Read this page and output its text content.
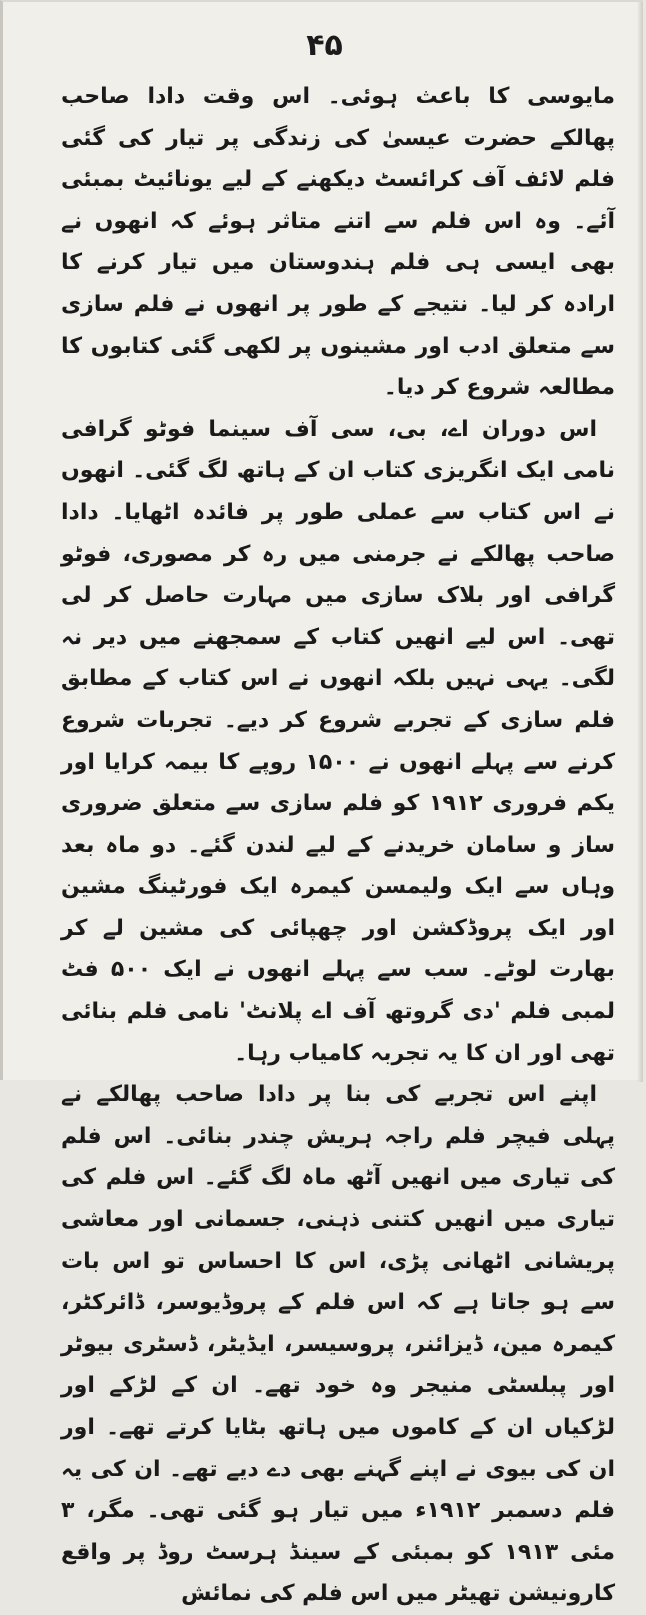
۴۵

مایوسی کا باعث ہوئی۔ اس وقت دادا صاحب پھالکے حضرت عیسیٰ کی زندگی پر تیار کی گئی فلم لائف آف کرائسٹ دیکھنے کے لیے یونائیٹ بمبئی آئے۔ وہ اس فلم سے اتنے متاثر ہوئے کہ انھوں نے بھی ایسی ہی فلم ہندوستان میں تیار کرنے کا ارادہ کر لیا۔ نتیجے کے طور پر انھوں نے فلم سازی سے متعلق ادب اور مشینوں پر لکھی گئی کتابوں کا مطالعہ شروع کر دیا۔

اس دوران اے، بی، سی آف سینما فوٹو گرافی نامی ایک انگریزی کتاب ان کے ہاتھ لگ گئی۔ انھوں نے اس کتاب سے عملی طور پر فائدہ اٹھایا۔ دادا صاحب پھالکے نے جرمنی میں رہ کر مصوری، فوٹو گرافی اور بلاک سازی میں مہارت حاصل کر لی تھی۔ اس لیے انھیں کتاب کے سمجھنے میں دیر نہ لگی۔ یہی نہیں بلکہ انھوں نے اس کتاب کے مطابق فلم سازی کے تجربے شروع کر دیے۔ تجربات شروع کرنے سے پہلے انھوں نے ۱۵۰۰ روپے کا بیمہ کرایا اور یکم فروری ۱۹۱۲ کو فلم سازی سے متعلق ضروری ساز و سامان خریدنے کے لیے لندن گئے۔ دو ماہ بعد وہاں سے ایک ولیمسن کیمرہ ایک فورٹینگ مشین اور ایک پروڈکشن اور چھپائی کی مشین لے کر بھارت لوٹے۔ سب سے پہلے انھوں نے ایک ۵۰۰ فٹ لمبی فلم 'دی گروتھ آف اے پلانٹ' نامی فلم بنائی تھی اور ان کا یہ تجربہ کامیاب رہا۔

اپنے اس تجربے کی بنا پر دادا صاحب پھالکے نے پہلی فیچر فلم راجہ ہریش چندر بنائی۔ اس فلم کی تیاری میں انھیں آٹھ ماہ لگ گئے۔ اس فلم کی تیاری میں انھیں کتنی ذہنی، جسمانی اور معاشی پریشانی اٹھانی پڑی، اس کا احساس تو اس بات سے ہو جاتا ہے کہ اس فلم کے پروڈیوسر، ڈائرکٹر، کیمرہ مین، ڈیزائنر، پروسیسر، ایڈیٹر، ڈسٹری بیوٹر اور پبلسٹی منیجر وہ خود تھے۔ ان کے لڑکے اور لڑکیاں ان کے کاموں میں ہاتھ بٹایا کرتے تھے۔ اور ان کی بیوی نے اپنے گہنے بھی دے دیے تھے۔ ان کی یہ فلم دسمبر ۱۹۱۲ء میں تیار ہو گئی تھی۔ مگر، ۳ مئی ۱۹۱۳ کو بمبئی کے سینڈ ہرسٹ روڈ پر واقع کارونیشن تھیٹر میں اس فلم کی نمائش
